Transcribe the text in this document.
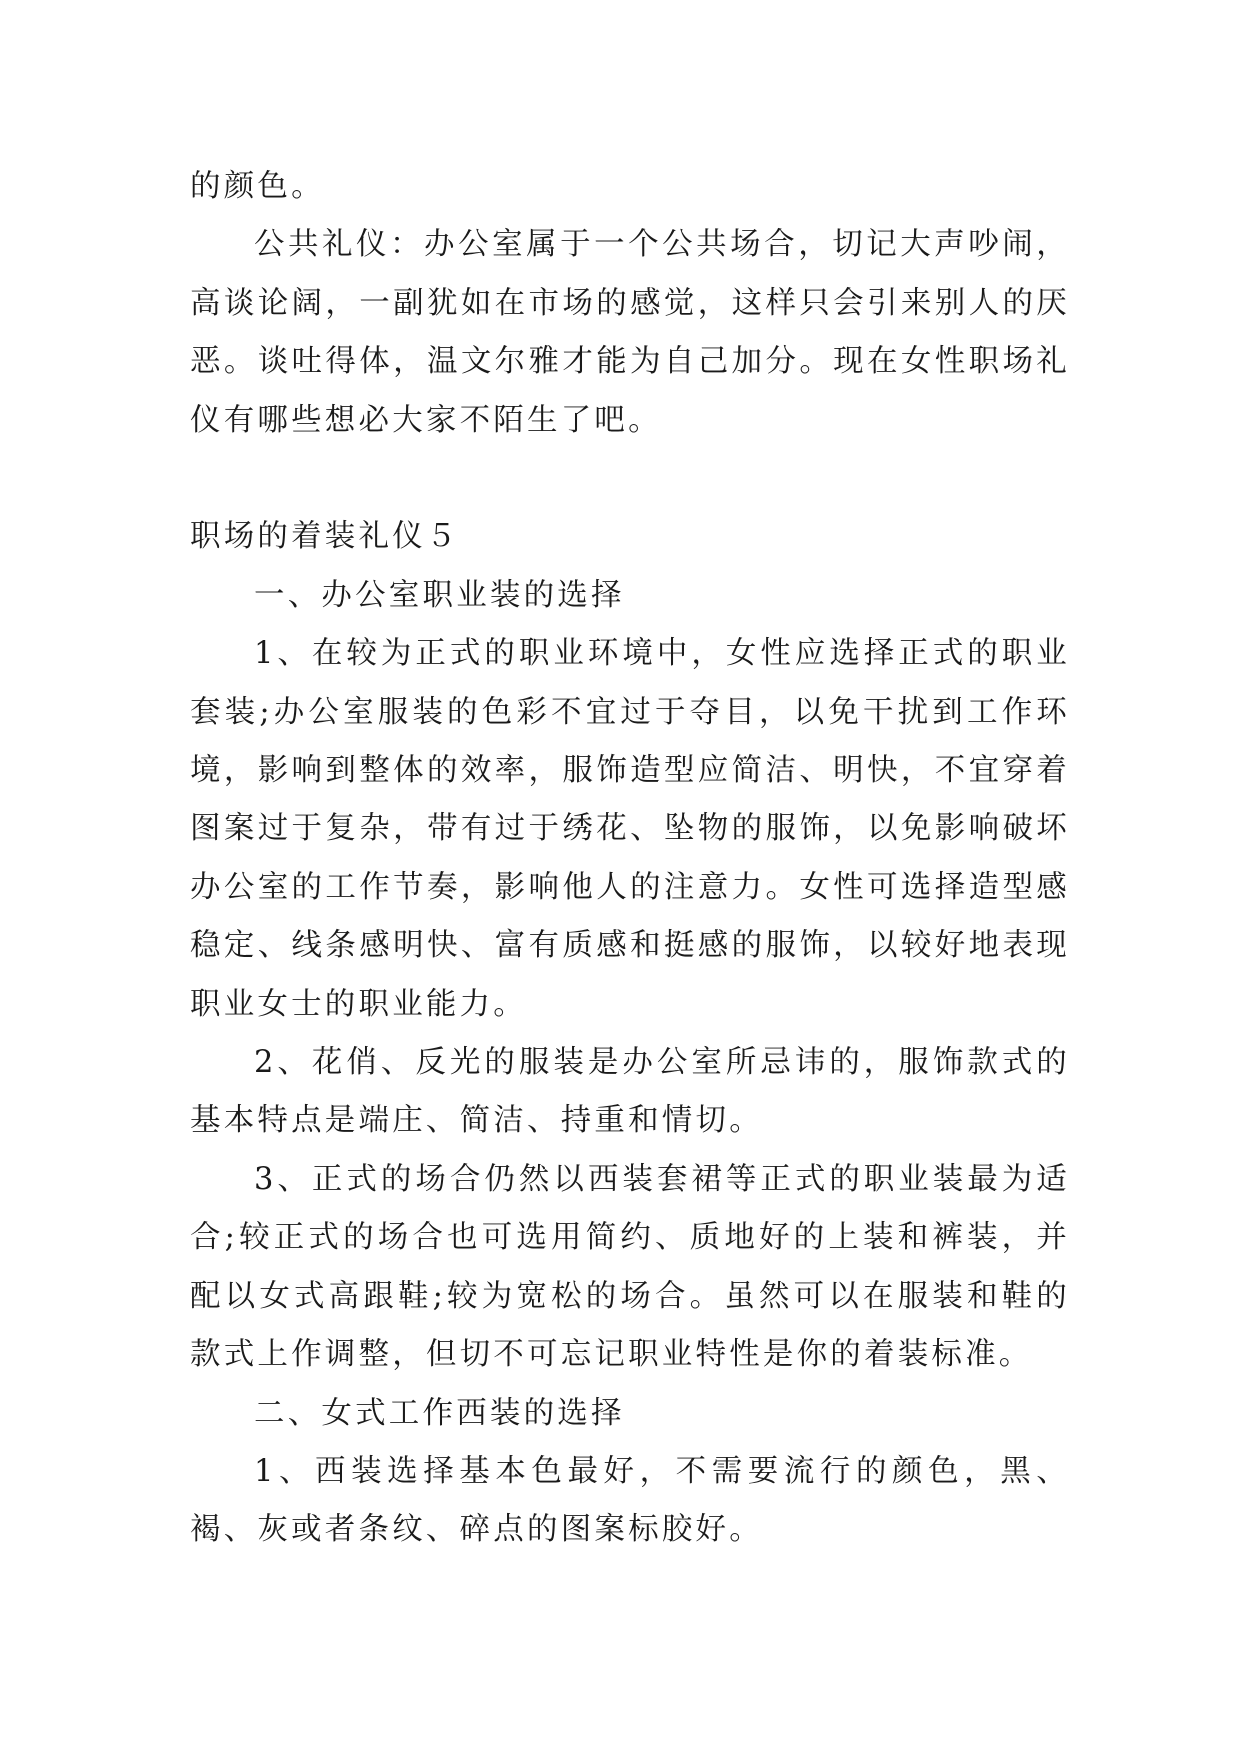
的颜色。

公共礼仪：办公室属于一个公共场合，切记大声吵闹，高谈论阔，一副犹如在市场的感觉，这样只会引来别人的厌恶。谈吐得体，温文尔雅才能为自己加分。现在女性职场礼仪有哪些想必大家不陌生了吧。

职场的着装礼仪５

一、办公室职业装的选择

1、在较为正式的职业环境中，女性应选择正式的职业套装;办公室服装的色彩不宜过于夺目，以免干扰到工作环境，影响到整体的效率，服饰造型应简洁、明快，不宜穿着图案过于复杂，带有过于绣花、坠物的服饰，以免影响破坏办公室的工作节奏，影响他人的注意力。女性可选择造型感稳定、线条感明快、富有质感和挺感的服饰，以较好地表现职业女士的职业能力。

2、花俏、反光的服装是办公室所忌讳的，服饰款式的基本特点是端庄、简洁、持重和情切。

3、正式的场合仍然以西装套裙等正式的职业装最为适合;较正式的场合也可选用简约、质地好的上装和裤装，并配以女式高跟鞋;较为宽松的场合。虽然可以在服装和鞋的款式上作调整，但切不可忘记职业特性是你的着装标准。

二、女式工作西装的选择

1、西装选择基本色最好，不需要流行的颜色，黑、褐、灰或者条纹、碎点的图案标胶好。
